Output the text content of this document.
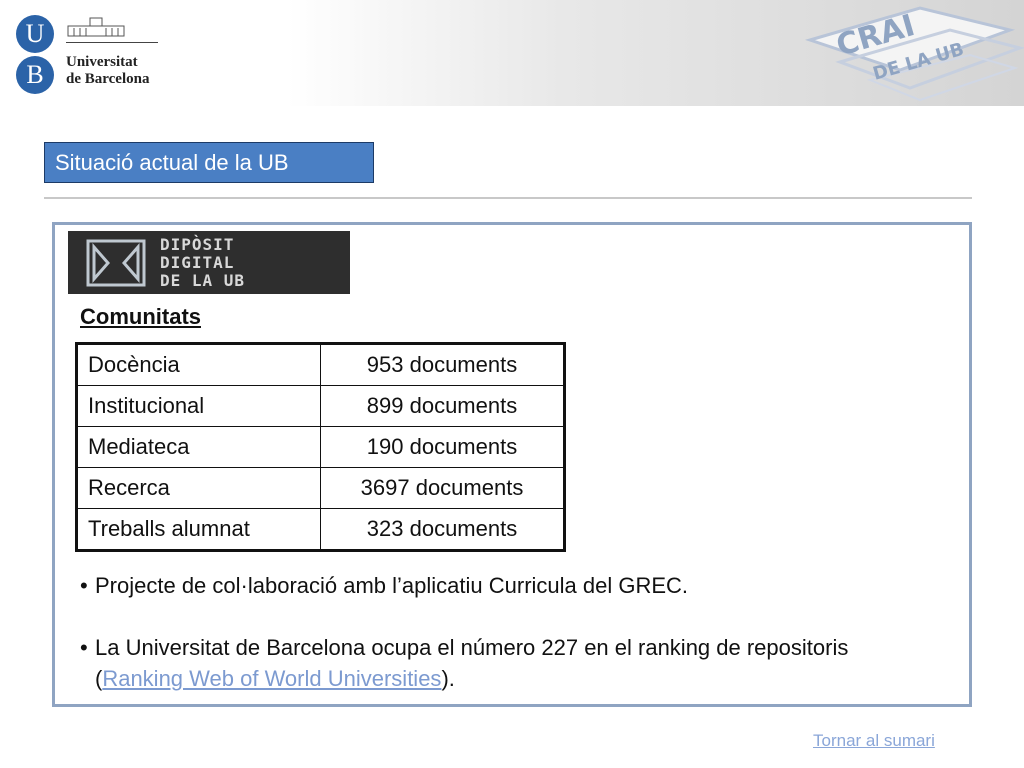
U
B	Universitat
de Barcelona
CRAI
DE LA UB
Situació actual de la UB
DIPÒSIT
DIGITAL
DE LA UB
Comunitats
Docència	953 documents
Institucional	899 documents
Mediateca	190 documents
Recerca	3697 documents
Treballs alumnat	323 documents
• Projecte de col·laboració amb l’aplicatiu Curricula del GREC.
• La Universitat de Barcelona ocupa el número 227 en el ranking de repositoris (Ranking Web of World Universities).
Tornar al sumari
